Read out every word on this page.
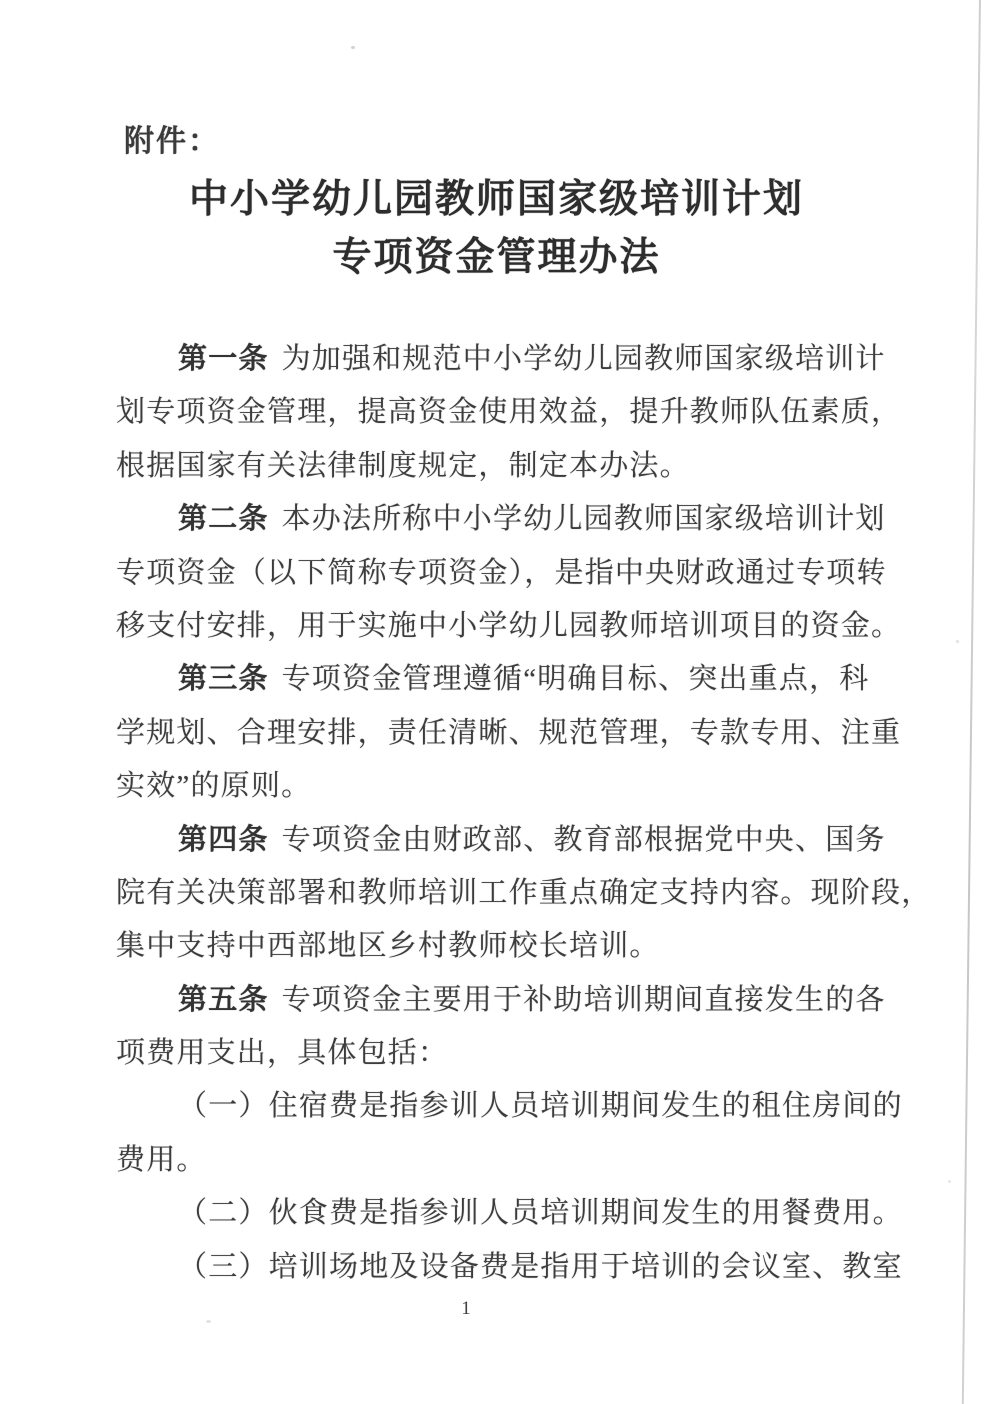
附件：
中小学幼儿园教师国家级培训计划
专项资金管理办法
第一条 为加强和规范中小学幼儿园教师国家级培训计
划专项资金管理，提高资金使用效益，提升教师队伍素质，
根据国家有关法律制度规定，制定本办法。
第二条 本办法所称中小学幼儿园教师国家级培训计划
专项资金（以下简称专项资金），是指中央财政通过专项转
移支付安排，用于实施中小学幼儿园教师培训项目的资金。
第三条 专项资金管理遵循“明确目标、突出重点，科
学规划、合理安排，责任清晰、规范管理，专款专用、注重
实效”的原则。
第四条 专项资金由财政部、教育部根据党中央、国务
院有关决策部署和教师培训工作重点确定支持内容。现阶段，
集中支持中西部地区乡村教师校长培训。
第五条 专项资金主要用于补助培训期间直接发生的各
项费用支出，具体包括：
（一）住宿费是指参训人员培训期间发生的租住房间的
费用。
（二）伙食费是指参训人员培训期间发生的用餐费用。
（三）培训场地及设备费是指用于培训的会议室、教室
1
